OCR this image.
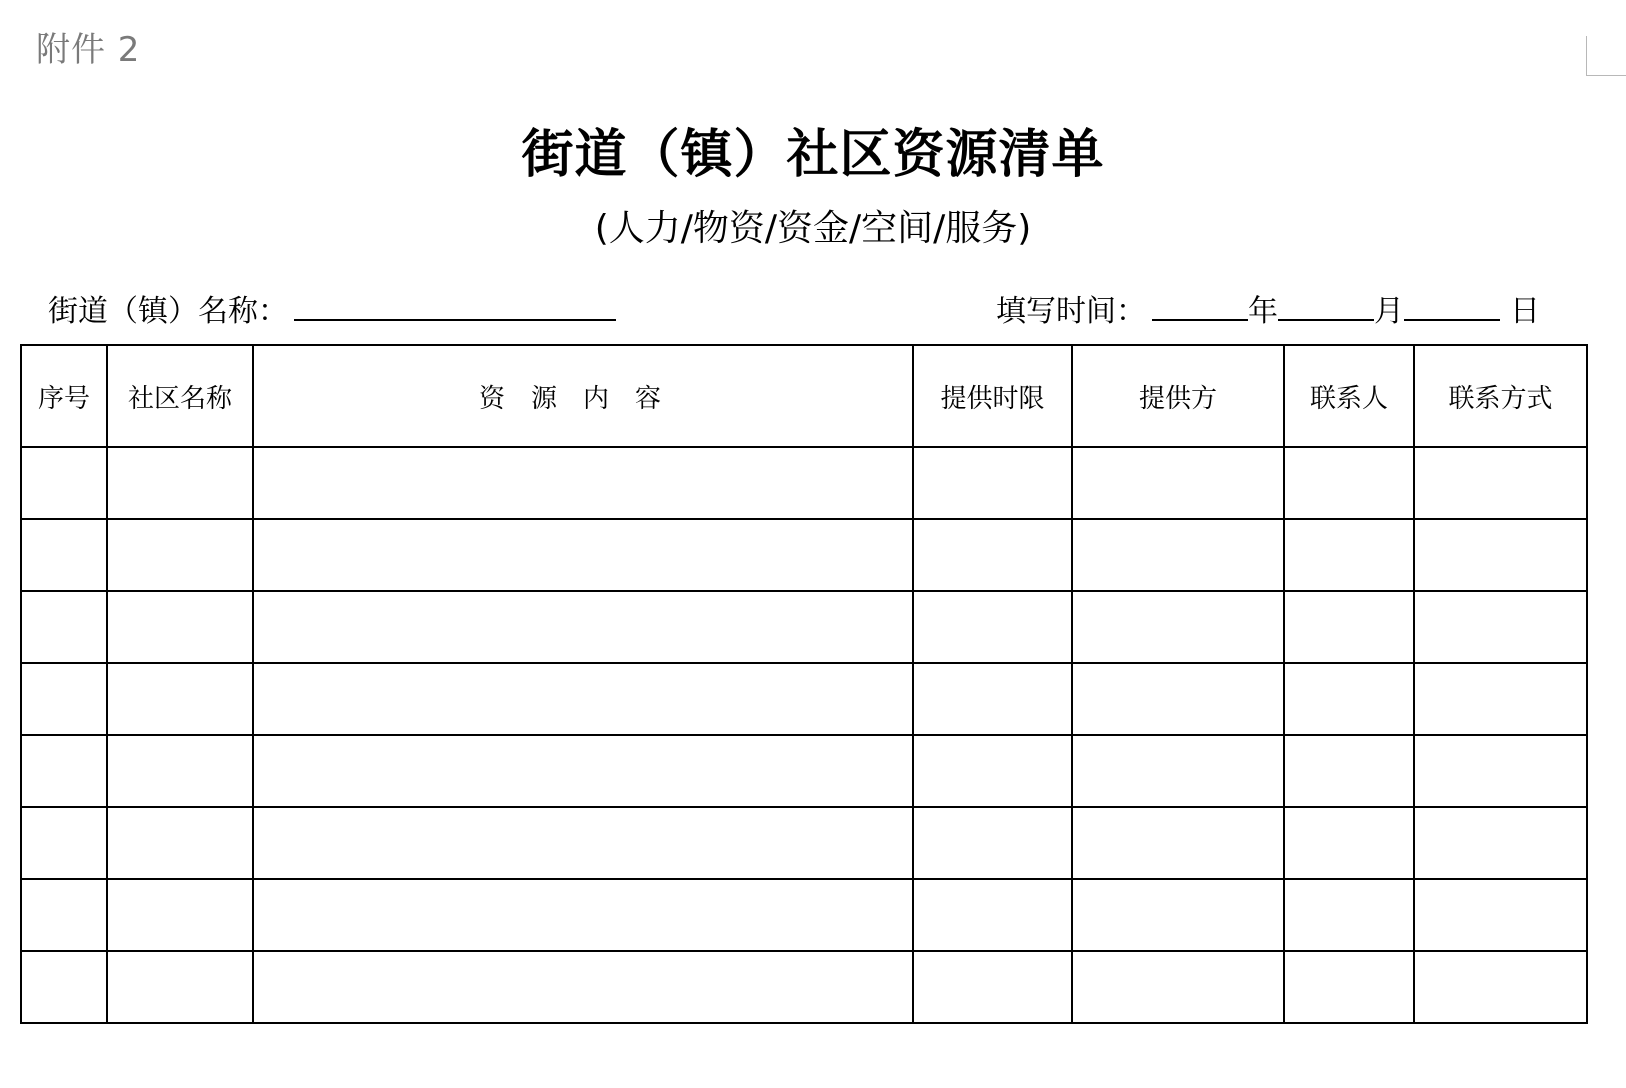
附件 2
街道（镇）社区资源清单
(人力/物资/资金/空间/服务)
街道（镇）名称：	填写时间：	年	月	日
序号	社区名称	资源内容	提供时限	提供方	联系人	联系方式
